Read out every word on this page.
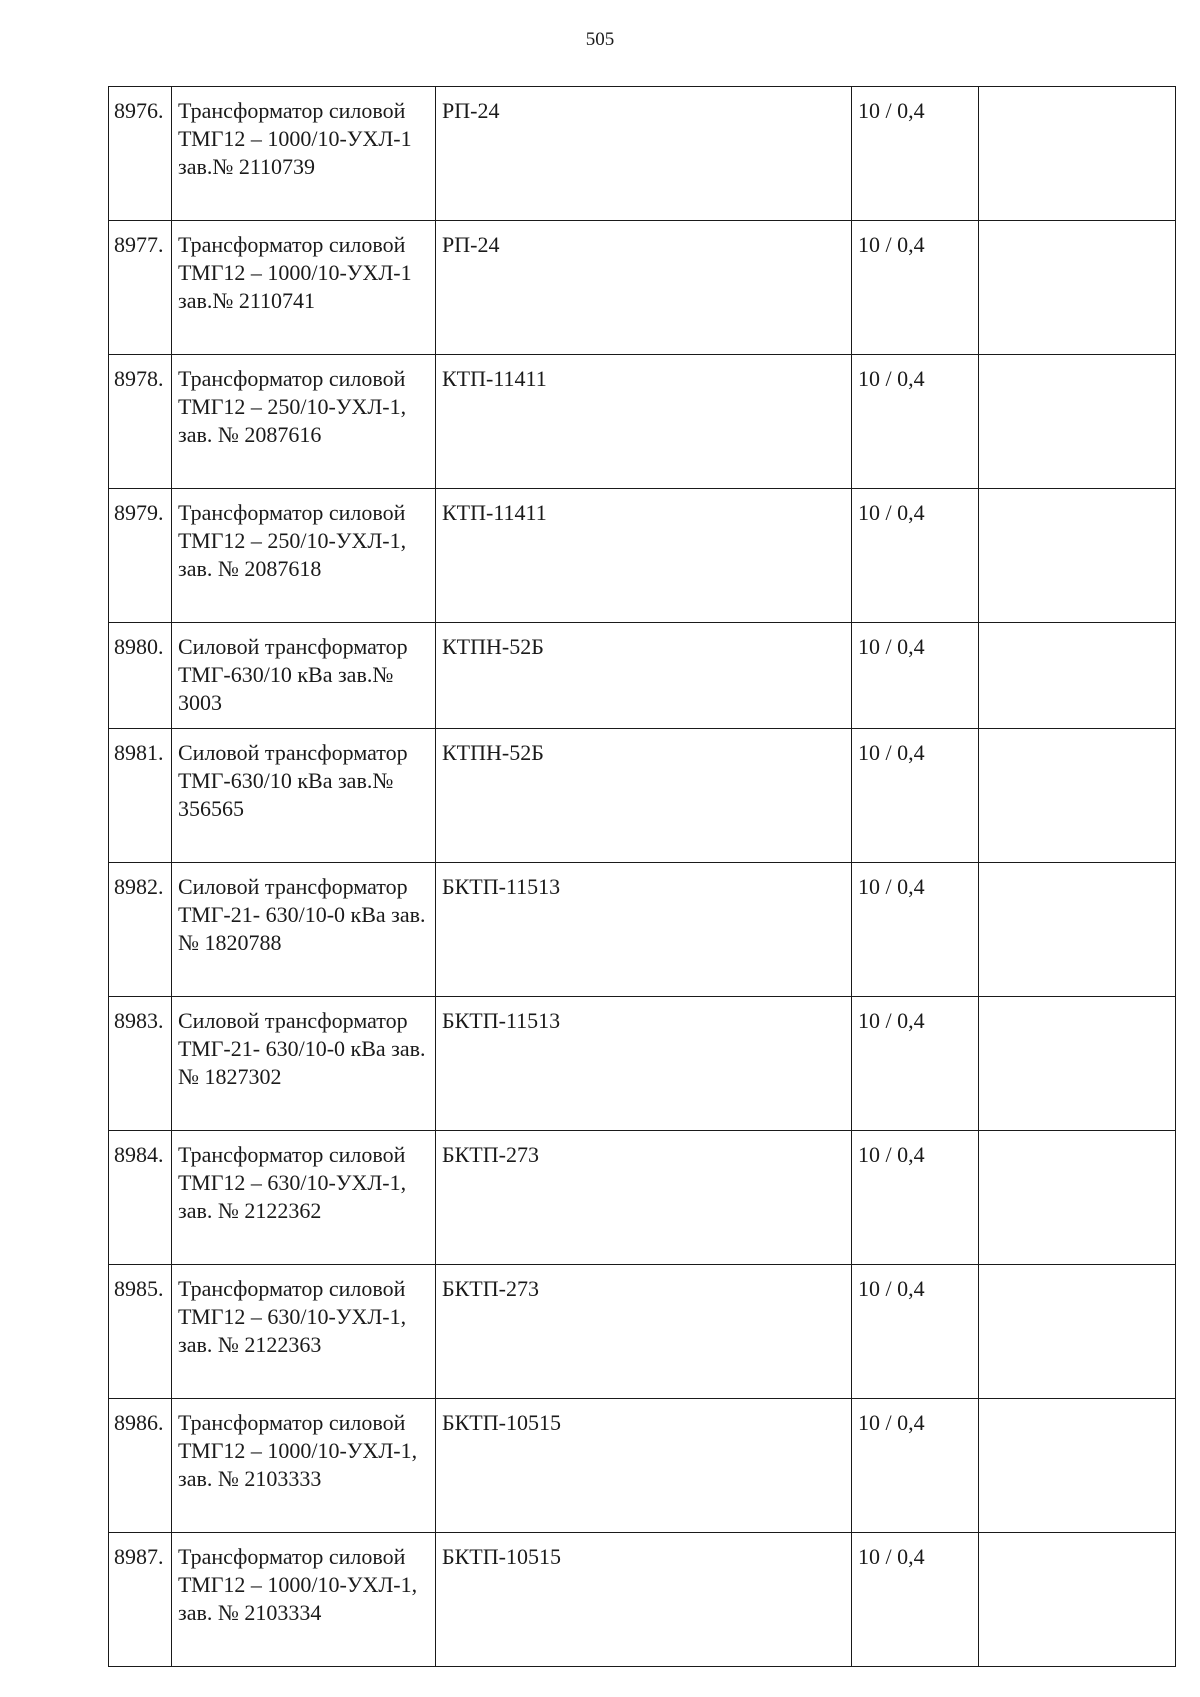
505
8976.	Трансформатор силовой ТМГ12 – 1000/10-УХЛ-1 зав.№ 2110739	РП-24	10 / 0,4	
8977.	Трансформатор силовой ТМГ12 – 1000/10-УХЛ-1 зав.№ 2110741	РП-24	10 / 0,4	
8978.	Трансформатор силовой ТМГ12 – 250/10-УХЛ-1, зав. № 2087616	КТП-11411	10 / 0,4	
8979.	Трансформатор силовой ТМГ12 – 250/10-УХЛ-1, зав. № 2087618	КТП-11411	10 / 0,4	
8980.	Силовой трансформатор ТМГ-630/10 кВа зав.№ 3003	КТПН-52Б	10 / 0,4	
8981.	Силовой трансформатор ТМГ-630/10 кВа зав.№ 356565	КТПН-52Б	10 / 0,4	
8982.	Силовой трансформатор ТМГ-21- 630/10-0 кВа зав.№ 1820788	БКТП-11513	10 / 0,4	
8983.	Силовой трансформатор ТМГ-21- 630/10-0 кВа зав.№ 1827302	БКТП-11513	10 / 0,4	
8984.	Трансформатор силовой ТМГ12 – 630/10-УХЛ-1, зав. № 2122362	БКТП-273	10 / 0,4	
8985.	Трансформатор силовой ТМГ12 – 630/10-УХЛ-1, зав. № 2122363	БКТП-273	10 / 0,4	
8986.	Трансформатор силовой ТМГ12 – 1000/10-УХЛ-1, зав. № 2103333	БКТП-10515	10 / 0,4	
8987.	Трансформатор силовой ТМГ12 – 1000/10-УХЛ-1, зав. № 2103334	БКТП-10515	10 / 0,4	
